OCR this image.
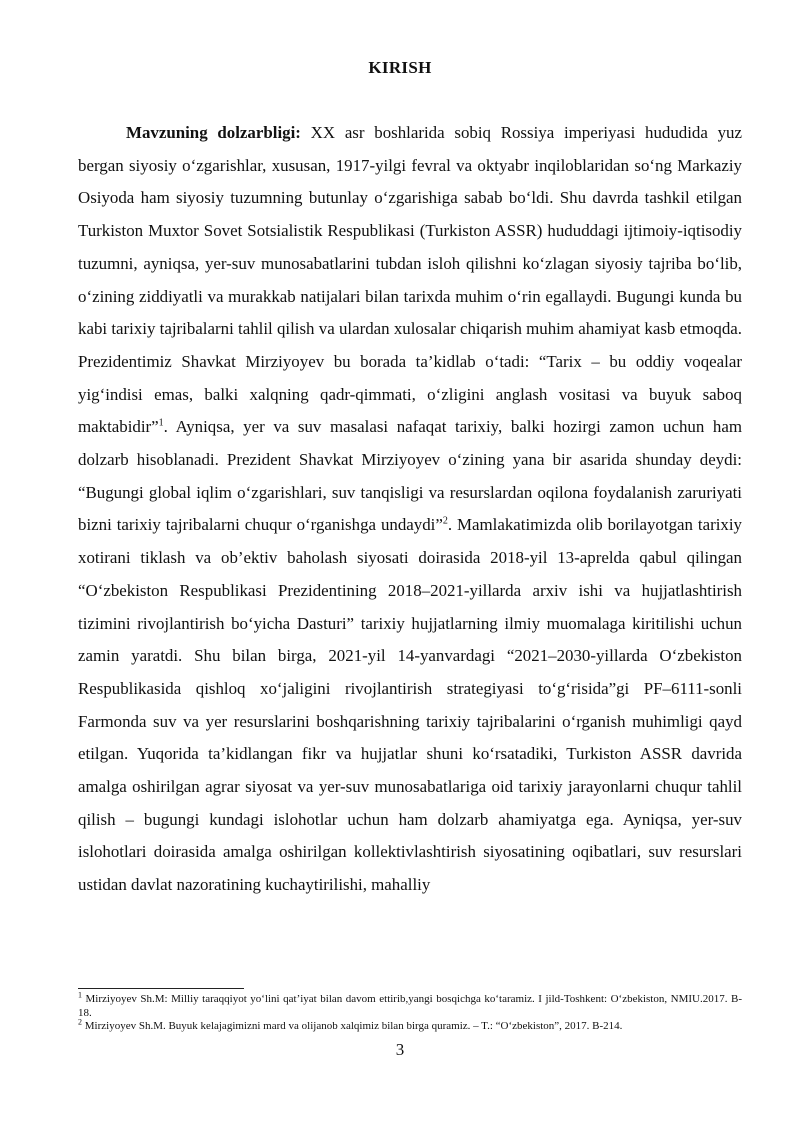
KIRISH

Mavzuning dolzarbligi: XX asr boshlarida sobiq Rossiya imperiyasi hududida yuz bergan siyosiy o‘zgarishlar, xususan, 1917-yilgi fevral va oktyabr inqiloblaridan so‘ng Markaziy Osiyoda ham siyosiy tuzumning butunlay o‘zgarishiga sabab bo‘ldi. Shu davrda tashkil etilgan Turkiston Muxtor Sovet Sotsialistik Respublikasi (Turkiston ASSR) hududdagi ijtimoiy-iqtisodiy tuzumni, ayniqsa, yer-suv munosabatlarini tubdan isloh qilishni ko‘zlagan siyosiy tajriba bo‘lib, o‘zining ziddiyatli va murakkab natijalari bilan tarixda muhim o‘rin egallaydi. Bugungi kunda bu kabi tarixiy tajribalarni tahlil qilish va ulardan xulosalar chiqarish muhim ahamiyat kasb etmoqda. Prezidentimiz Shavkat Mirziyoyev bu borada ta’kidlab o‘tadi: “Tarix – bu oddiy voqealar yig‘indisi emas, balki xalqning qadr-qimmati, o‘zligini anglash vositasi va buyuk saboq maktabidir”$^1$. Ayniqsa, yer va suv masalasi nafaqat tarixiy, balki hozirgi zamon uchun ham dolzarb hisoblanadi. Prezident Shavkat Mirziyoyev o‘zining yana bir asarida shunday deydi: “Bugungi global iqlim o‘zgarishlari, suv tanqisligi va resurslardan oqilona foydalanish zaruriyati bizni tarixiy tajribalarni chuqur o‘rganishga undaydi”$^2$. Mamlakatimizda olib borilayotgan tarixiy xotirani tiklash va ob’ektiv baholash siyosati doirasida 2018-yil 13-aprelda qabul qilingan “O‘zbekiston Respublikasi Prezidentining 2018–2021-yillarda arxiv ishi va hujjatlashtirish tizimini rivojlantirish bo‘yicha Dasturi” tarixiy hujjatlarning ilmiy muomalaga kiritilishi uchun zamin yaratdi. Shu bilan birga, 2021-yil 14-yanvardagi “2021–2030-yillarda O‘zbekiston Respublikasida qishloq xo‘jaligini rivojlantirish strategiyasi to‘g‘risida”gi PF–6111-sonli Farmonda suv va yer resurslarini boshqarishning tarixiy tajribalarini o‘rganish muhimligi qayd etilgan. Yuqorida ta’kidlangan fikr va hujjatlar shuni ko‘rsatadiki, Turkiston ASSR davrida amalga oshirilgan agrar siyosat va yer-suv munosabatlariga oid tarixiy jarayonlarni chuqur tahlil qilish – bugungi kundagi islohotlar uchun ham dolzarb ahamiyatga ega. Ayniqsa, yer-suv islohotlari doirasida amalga oshirilgan kollektivlashtirish siyosatining oqibatlari, suv resurslari ustidan davlat nazoratining kuchaytirilishi, mahalliy

$^1$ Mirziyoyev Sh.M: Milliy taraqqiyot yo‘lini qat’iyat bilan davom ettirib,yangi bosqichga ko‘taramiz. I jild-Toshkent: O‘zbekiston, NMIU.2017. B-18.

$^2$ Mirziyoyev Sh.M. Buyuk kelajagimizni mard va olijanob xalqimiz bilan birga quramiz. – T.: “O‘zbekiston”, 2017. B-214.

3
